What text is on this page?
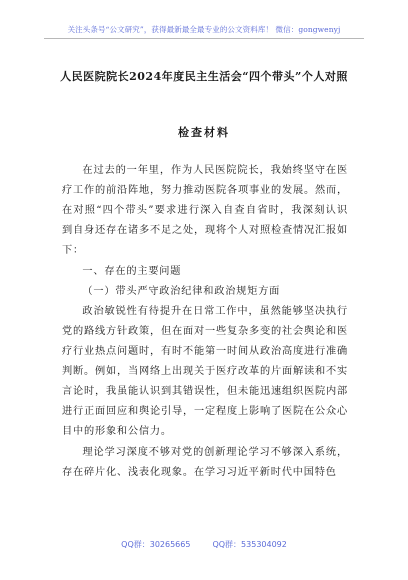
关注头条号“公文研究”，获得最新最全最专业的公文资料库！ 微信：gongwenyj
人民医院院长2024年度民主生活会“四个带头”个人对照
检查材料

在过去的一年里，作为人民医院院长，我始终坚守在医疗工作的前沿阵地，努力推动医院各项事业的发展。然而，在对照“四个带头”要求进行深入自查自省时，我深刻认识到自身还存在诸多不足之处，现将个人对照检查情况汇报如下：

一、存在的主要问题

（一）带头严守政治纪律和政治规矩方面

政治敏锐性有待提升在日常工作中，虽然能够坚决执行党的路线方针政策，但在面对一些复杂多变的社会舆论和医疗行业热点问题时，有时不能第一时间从政治高度进行准确判断。例如，当网络上出现关于医疗改革的片面解读和不实言论时，我虽能认识到其错误性，但未能迅速组织医院内部进行正面回应和舆论引导，一定程度上影响了医院在公众心目中的形象和公信力。

理论学习深度不够对党的创新理论学习不够深入系统，存在碎片化、浅表化现象。在学习习近平新时代中国特色

QQ群：30265665	QQ群：535304092
